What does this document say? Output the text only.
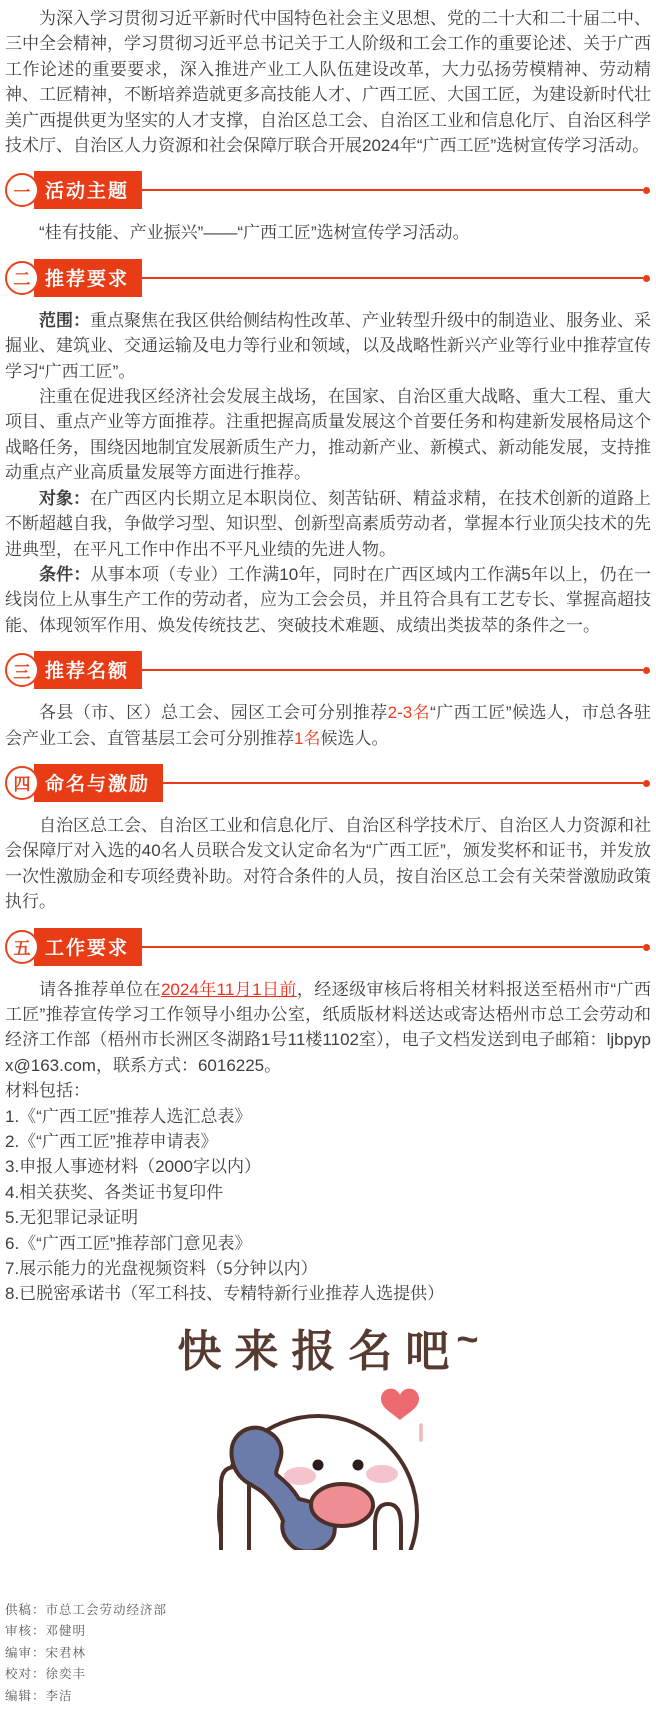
为深入学习贯彻习近平新时代中国特色社会主义思想、党的二十大和二十届二中、三中全会精神，学习贯彻习近平总书记关于工人阶级和工会工作的重要论述、关于广西工作论述的重要要求，深入推进产业工人队伍建设改革，大力弘扬劳模精神、劳动精神、工匠精神，不断培养造就更多高技能人才、广西工匠、大国工匠，为建设新时代壮美广西提供更为坚实的人才支撑，自治区总工会、自治区工业和信息化厅、自治区科学技术厅、自治区人力资源和社会保障厅联合开展2024年“广西工匠”选树宣传学习活动。

一 活动主题

“桂有技能、产业振兴”——“广西工匠”选树宣传学习活动。

二 推荐要求

范围：重点聚焦在我区供给侧结构性改革、产业转型升级中的制造业、服务业、采掘业、建筑业、交通运输及电力等行业和领域，以及战略性新兴产业等行业中推荐宣传学习“广西工匠”。

注重在促进我区经济社会发展主战场，在国家、自治区重大战略、重大工程、重大项目、重点产业等方面推荐。注重把握高质量发展这个首要任务和构建新发展格局这个战略任务，围绕因地制宜发展新质生产力，推动新产业、新模式、新动能发展，支持推动重点产业高质量发展等方面进行推荐。

对象：在广西区内长期立足本职岗位、刻苦钻研、精益求精，在技术创新的道路上不断超越自我，争做学习型、知识型、创新型高素质劳动者，掌握本行业顶尖技术的先进典型，在平凡工作中作出不平凡业绩的先进人物。

条件：从事本项（专业）工作满10年，同时在广西区域内工作满5年以上，仍在一线岗位上从事生产工作的劳动者，应为工会会员，并且符合具有工艺专长、掌握高超技能、体现领军作用、焕发传统技艺、突破技术难题、成绩出类拔萃的条件之一。

三 推荐名额

各县（市、区）总工会、园区工会可分别推荐2-3名“广西工匠”候选人，市总各驻会产业工会、直管基层工会可分别推荐1名候选人。

四 命名与激励

自治区总工会、自治区工业和信息化厅、自治区科学技术厅、自治区人力资源和社会保障厅对入选的40名人员联合发文认定命名为“广西工匠”，颁发奖杯和证书，并发放一次性激励金和专项经费补助。对符合条件的人员，按自治区总工会有关荣誉激励政策执行。

五 工作要求

请各推荐单位在2024年11月1日前，经逐级审核后将相关材料报送至梧州市“广西工匠”推荐宣传学习工作领导小组办公室，纸质版材料送达或寄达梧州市总工会劳动和经济工作部（梧州市长洲区冬湖路1号11楼1102室），电子文档发送到电子邮箱：ljbpypx@163.com，联系方式：6016225。

材料包括：
1.《“广西工匠”推荐人选汇总表》
2.《“广西工匠”推荐申请表》
3.申报人事迹材料（2000字以内）
4.相关获奖、各类证书复印件
5.无犯罪记录证明
6.《“广西工匠”推荐部门意见表》
7.展示能力的光盘视频资料（5分钟以内）
8.已脱密承诺书（军工科技、专精特新行业推荐人选提供）
快来报名吧~
供稿：市总工会劳动经济部
审核：邓健明
编审：宋君林
校对：徐奕丰
编辑：李洁
